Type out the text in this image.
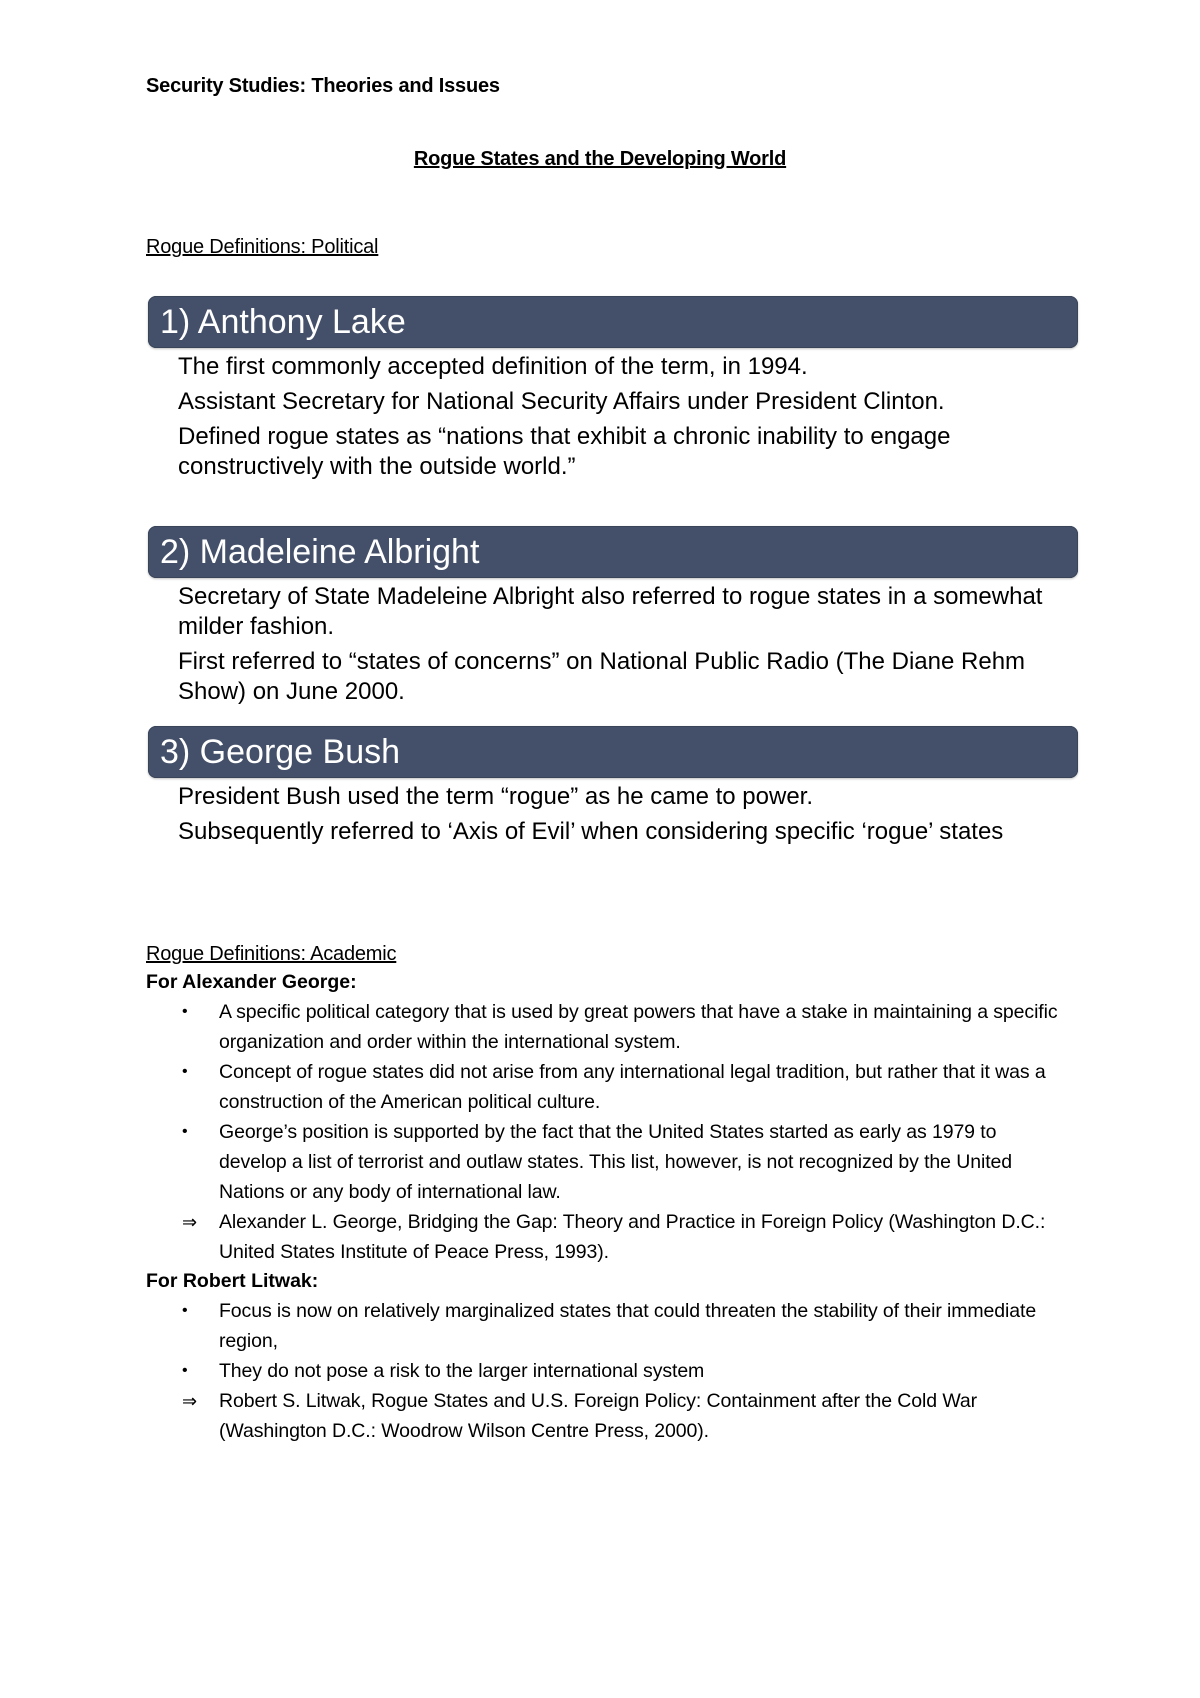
Security Studies: Theories and Issues
Rogue States and the Developing World
Rogue Definitions: Political
1) Anthony Lake
The first commonly accepted definition of the term, in 1994.
Assistant Secretary for National Security Affairs under President Clinton.
Defined rogue states as “nations that exhibit a chronic inability to engage constructively with the outside world.”
2) Madeleine Albright
Secretary of State Madeleine Albright also referred to rogue states in a somewhat milder fashion.
First referred to “states of concerns” on National Public Radio (The Diane Rehm Show) on June 2000.
3) George Bush
President Bush used the term “rogue” as he came to power.
Subsequently referred to ‘Axis of Evil’ when considering specific ‘rogue’ states
Rogue Definitions: Academic
For Alexander George:
•	A specific political category that is used by great powers that have a stake in maintaining a specific organization and order within the international system.
•	Concept of rogue states did not arise from any international legal tradition, but rather that it was a construction of the American political culture.
•	George’s position is supported by the fact that the United States started as early as 1979 to develop a list of terrorist and outlaw states. This list, however, is not recognized by the United Nations or any body of international law.
⇒ Alexander L. George, Bridging the Gap: Theory and Practice in Foreign Policy (Washington D.C.: United States Institute of Peace Press, 1993).
For Robert Litwak:
•	Focus is now on relatively marginalized states that could threaten the stability of their immediate region,
•	They do not pose a risk to the larger international system
⇒ Robert S. Litwak, Rogue States and U.S. Foreign Policy: Containment after the Cold War (Washington D.C.: Woodrow Wilson Centre Press, 2000).
